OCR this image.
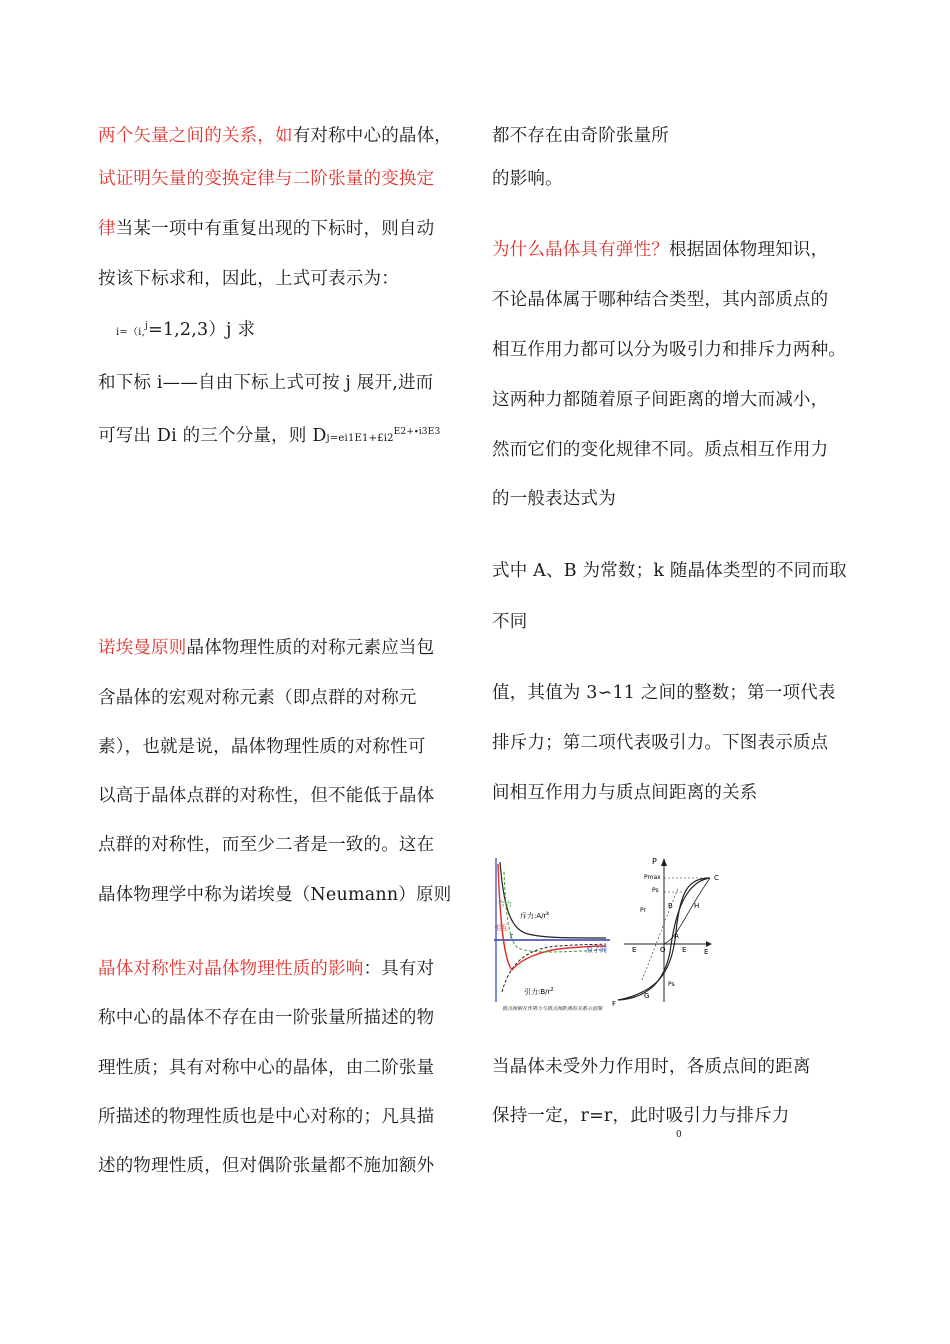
两个矢量之间的关系，如有对称中心的晶体，
试证明矢量的变换定律与二阶张量的变换定
律当某一项中有重复出现的下标时，则自动
按该下标求和，因此，上式可表示为：
i=（i,$^j$=1,2,3）j 求
和下标 i——自由下标上式可按 j 展开,进而
可写出 Di 的三个分量，则 $Dj=ei1E1+£i2^{E2+\cdot i3E3}$
诺埃曼原则晶体物理性质的对称元素应当包
含晶体的宏观对称元素（即点群的对称元
素），也就是说，晶体物理性质的对称性可
以高于晶体点群的对称性，但不能低于晶体
点群的对称性，而至少二者是一致的。这在
晶体物理学中称为诺埃曼（Neumann）原则
晶体对称性对晶体物理性质的影响：具有对
称中心的晶体不存在由一阶张量所描述的物
理性质；具有对称中心的晶体，由二阶张量
所描述的物理性质也是中心对称的；凡具描
述的物理性质，但对偶阶张量都不施加额外
都不存在由奇阶张量所
的影响。
为什么晶体具有弹性？根据固体物理知识，
不论晶体属于哪种结合类型，其内部质点的
相互作用力都可以分为吸引力和排斥力两种。
这两种力都随着原子间距离的增大而减小，
然而它们的变化规律不同。质点相互作用力
的一般表达式为
式中 A、B 为常数；k 随晶体类型的不同而取
不同
值，其值为 3∽11 之间的整数；第一项代表
排斥力；第二项代表吸引力。下图表示质点
间相互作用力与质点间距离的关系
当晶体未受外力作用时，各质点间的距离
保持一定，r=r，此时吸引力与排斥力
0
斥力$:A/r^k$
引力$:B/r^2$
合力
相互
r
原子间
质点间相互作用力与质点间距离的关系示意图
P
Pmax
Ps
Pr
B	H
A
E	O E	E
C
Ps
G
F
